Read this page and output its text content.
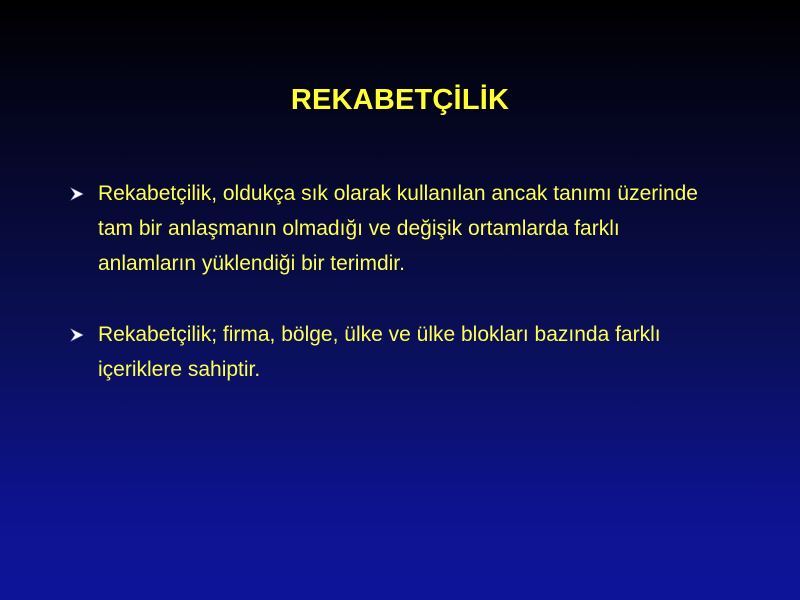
REKABETÇİLİK
Rekabetçilik, oldukça sık olarak kullanılan ancak tanımı üzerinde tam bir anlaşmanın olmadığı ve değişik ortamlarda farklı anlamların yüklendiği bir terimdir.
Rekabetçilik; firma, bölge, ülke ve ülke blokları bazında farklı içeriklere sahiptir.
